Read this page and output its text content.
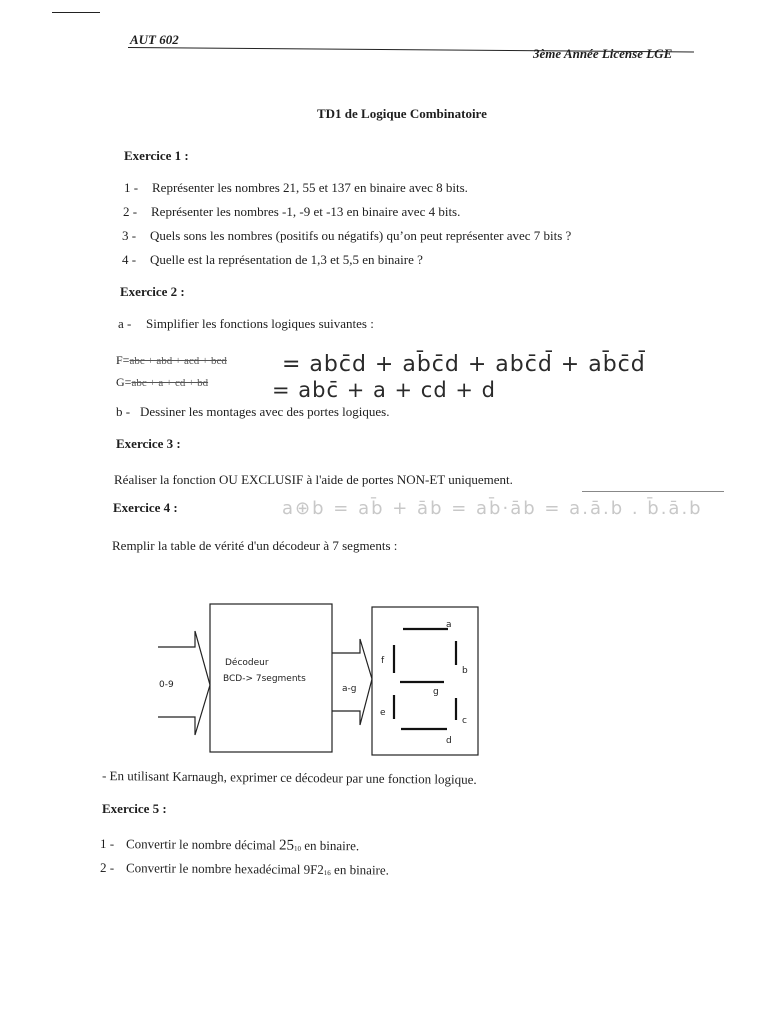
AUT 602
3ème Année License LGE
TD1 de Logique Combinatoire
Exercice 1 :
1 - Représenter les nombres 21, 55 et 137 en binaire avec 8 bits.
2 - Représenter les nombres -1, -9 et -13 en binaire avec 4 bits.
3 - Quels sons les nombres (positifs ou négatifs) qu’on peut représenter avec 7 bits ?
4 - Quelle est la représentation de 1,3 et 5,5 en binaire ?
Exercice 2 :
a - Simplifier les fonctions logiques suivantes :
F=abc + abd + acd + bcd	= abc̄d + ab̄c̄d + abc̄d̄ + ab̄c̄d̄
G=abc + a + cd + bd	= abc̄ + a + cd + d
b - Dessiner les montages avec des portes logiques.
Exercice 3 :
Réaliser la fonction OU EXCLUSIF à l'aide de portes NON-ET uniquement.
Exercice 4 :	a⊕b = ab̄ + āb = ab̄·āb = a.ā.b . b̄.ā.b
Remplir la table de vérité d'un décodeur à 7 segments :
0-9
Décodeur
BCD-> 7segments
a-g
a
b
c
d
e
f
g
- En utilisant Karnaugh, exprimer ce décodeur par une fonction logique.
Exercice 5 :
1 - Convertir le nombre décimal $25_{10}$ en binaire.
2 - Convertir le nombre hexadécimal $9F2_{16}$ en binaire.
